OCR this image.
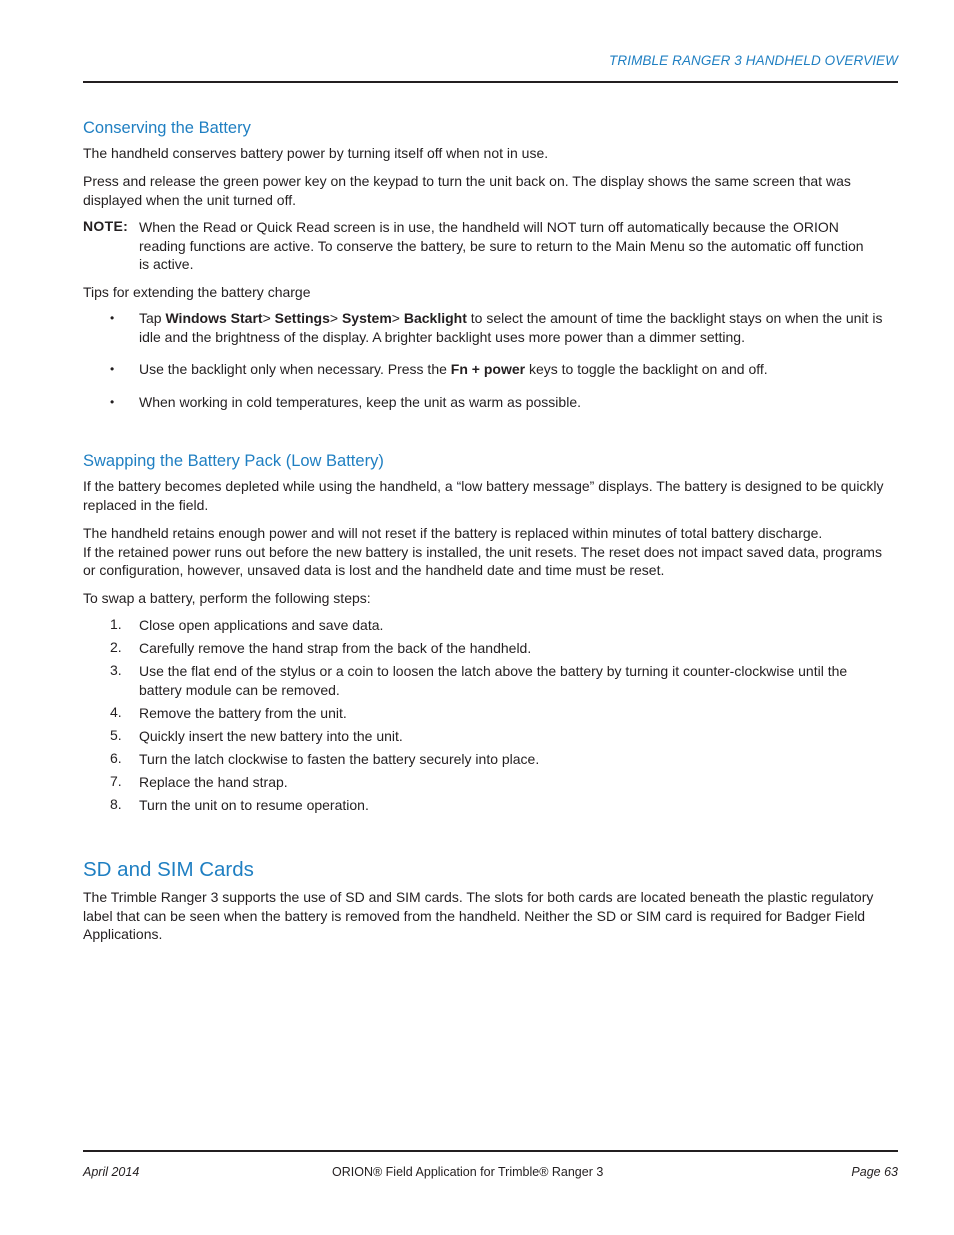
TRIMBLE RANGER 3 HANDHELD OVERVIEW
Conserving the Battery
The handheld conserves battery power by turning itself off when not in use.
Press and release the green power key on the keypad to turn the unit back on. The display shows the same screen that was displayed when the unit turned off.
NOTE: When the Read or Quick Read screen is in use, the handheld will NOT turn off automatically because the ORION reading functions are active. To conserve the battery, be sure to return to the Main Menu so the automatic off function is active.
Tips for extending the battery charge
• Tap Windows Start> Settings> System> Backlight to select the amount of time the backlight stays on when the unit is idle and the brightness of the display. A brighter backlight uses more power than a dimmer setting.
• Use the backlight only when necessary. Press the Fn + power keys to toggle the backlight on and off.
• When working in cold temperatures, keep the unit as warm as possible.
Swapping the Battery Pack (Low Battery)
If the battery becomes depleted while using the handheld, a “low battery message” displays. The battery is designed to be quickly replaced in the field.
The handheld retains enough power and will not reset if the battery is replaced within minutes of total battery discharge.
If the retained power runs out before the new battery is installed, the unit resets. The reset does not impact saved data, programs or configuration, however, unsaved data is lost and the handheld date and time must be reset.
To swap a battery, perform the following steps:
1. Close open applications and save data.
2. Carefully remove the hand strap from the back of the handheld.
3. Use the flat end of the stylus or a coin to loosen the latch above the battery by turning it counter-clockwise until the battery module can be removed.
4. Remove the battery from the unit.
5. Quickly insert the new battery into the unit.
6. Turn the latch clockwise to fasten the battery securely into place.
7. Replace the hand strap.
8. Turn the unit on to resume operation.
SD and SIM Cards
The Trimble Ranger 3 supports the use of SD and SIM cards. The slots for both cards are located beneath the plastic regulatory label that can be seen when the battery is removed from the handheld. Neither the SD or SIM card is required for Badger Field Applications.
April 2014	ORION® Field Application for Trimble® Ranger 3	Page 63
